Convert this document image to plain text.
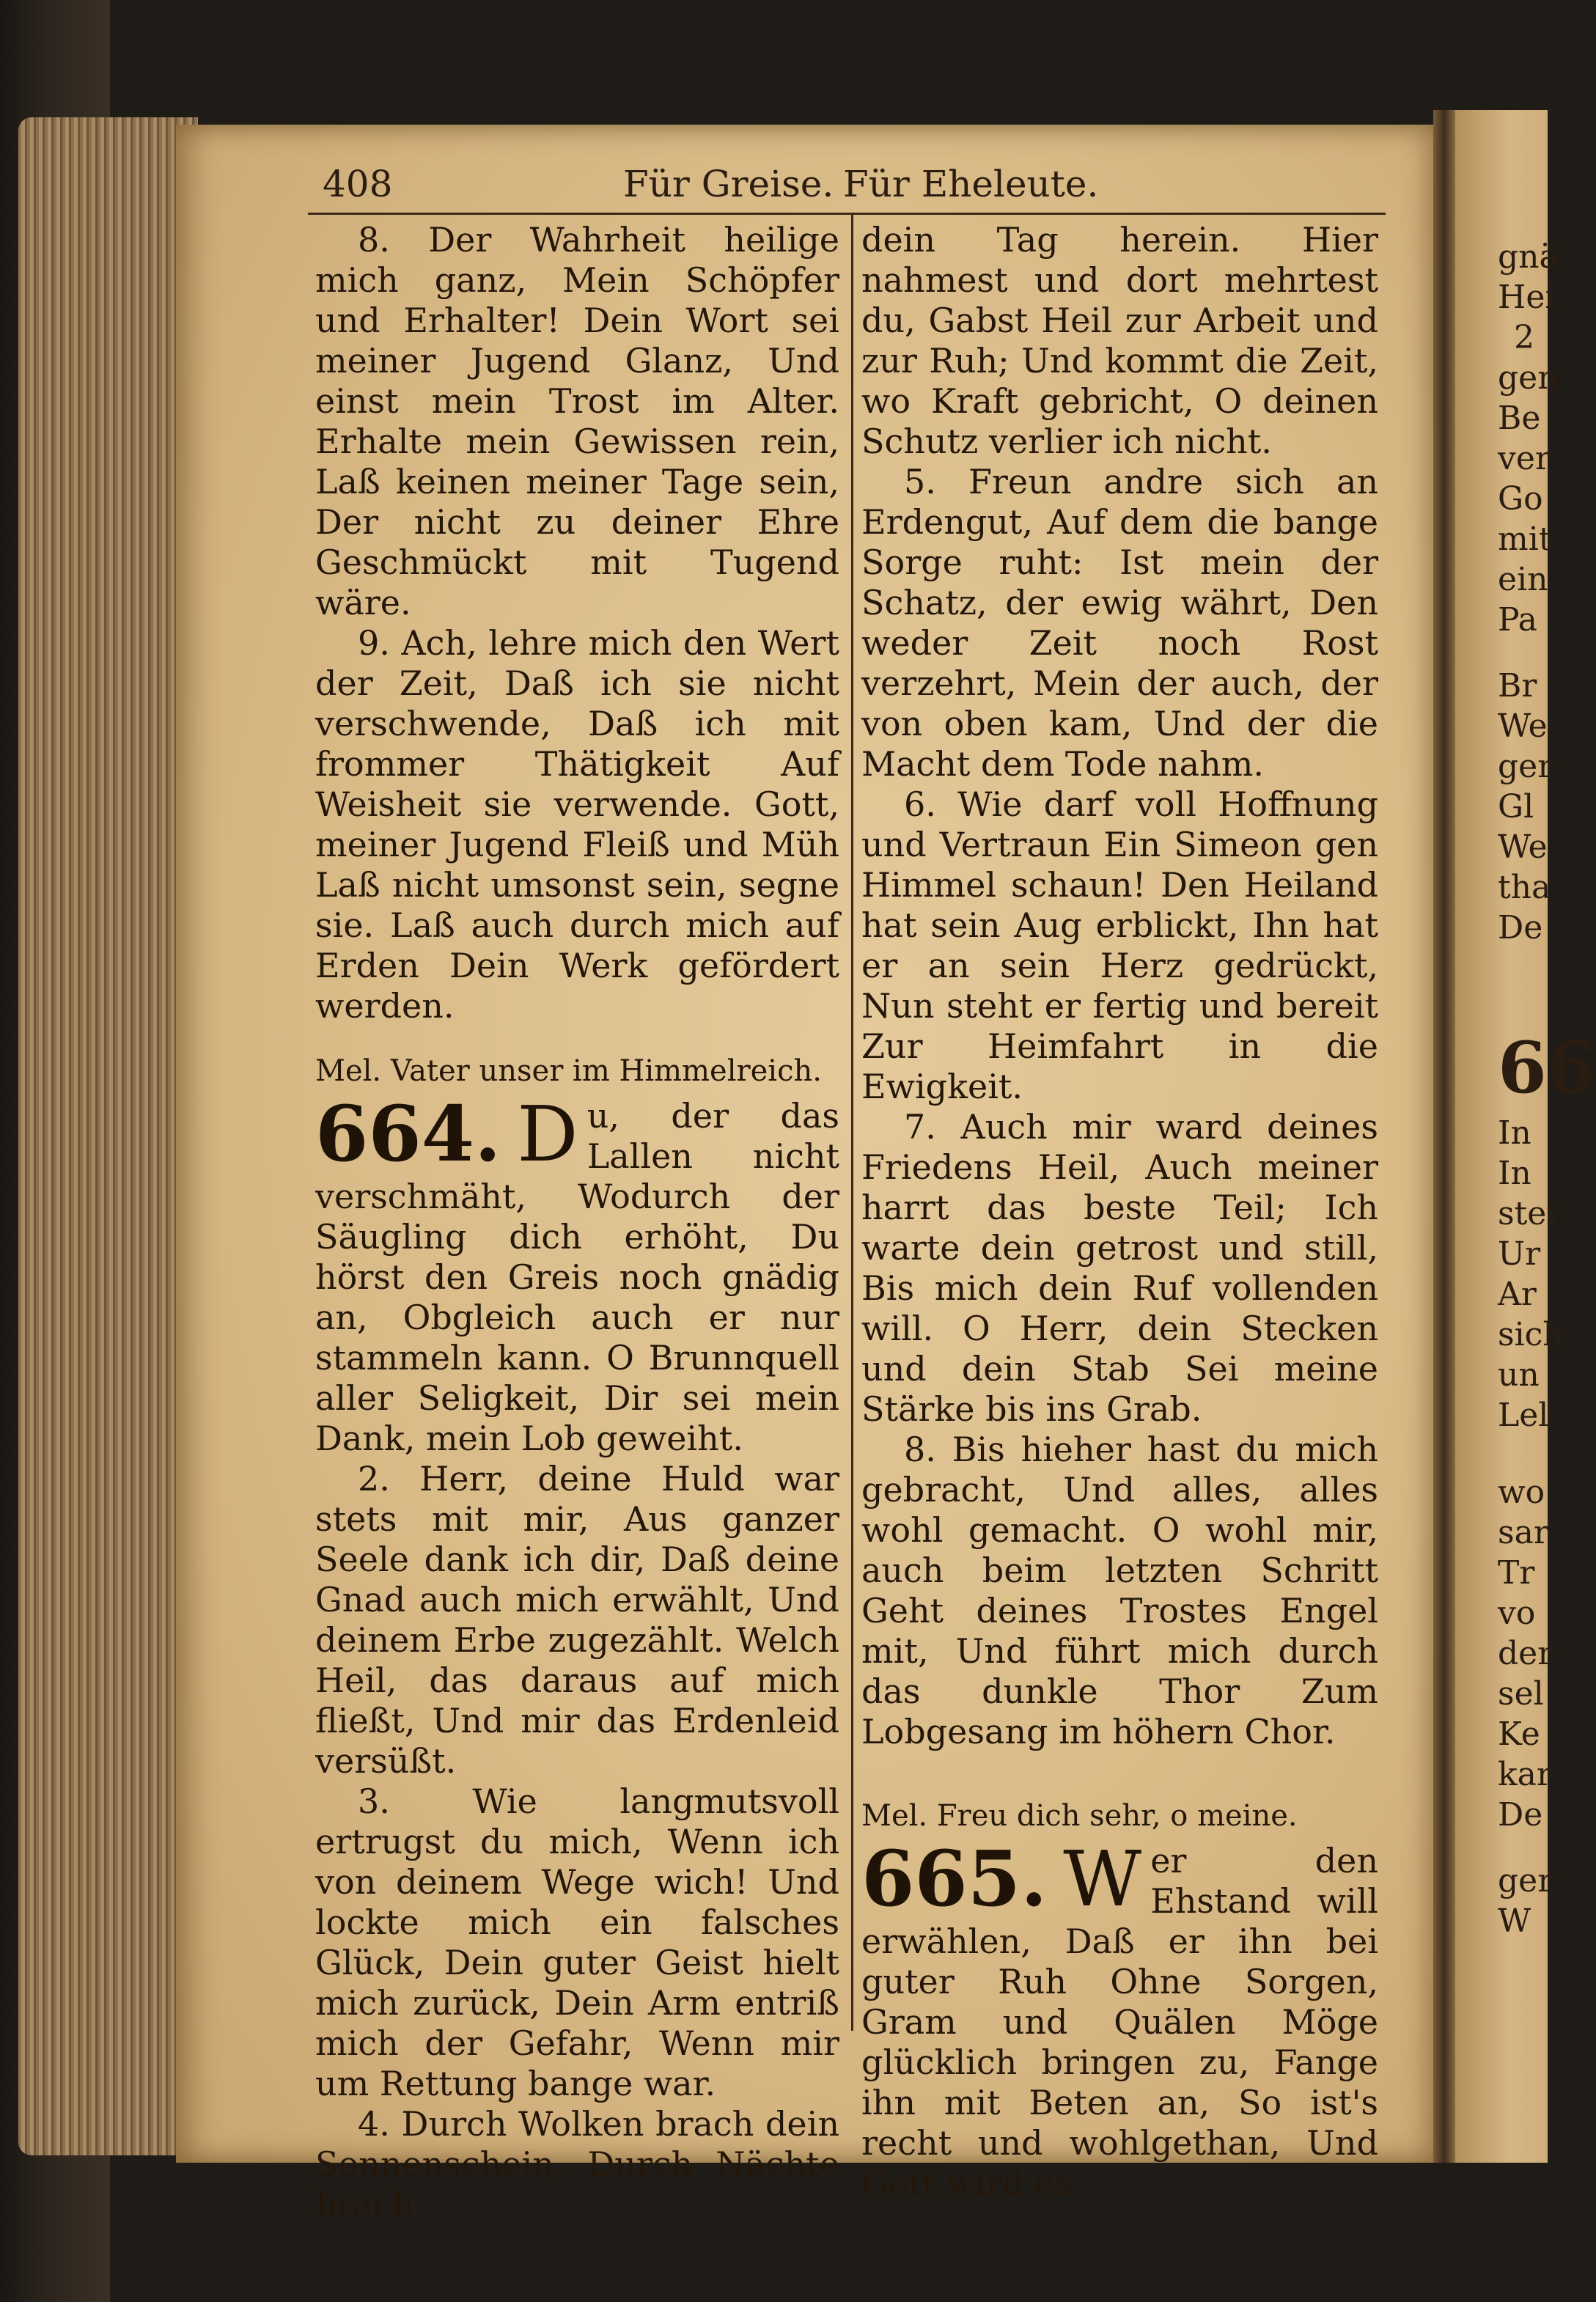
gnä
Hei
2
gen
Be
ver
Go
mit
ein
Pa
Br
We
ger
Gl
We
tha
De
66
In
In
stei
Ur
Ar
sich
un
Lel
wo
sar
Tr
vo
der
sel
Ke
kar
De
ger
W
408	Für Greise. Für Eheleute.

8. Der Wahrheit heilige mich ganz, Mein Schöpfer und Erhalter! Dein Wort sei meiner Jugend Glanz, Und einst mein Trost im Alter. Erhalte mein Gewissen rein, Laß keinen meiner Tage sein, Der nicht zu deiner Ehre Geschmückt mit Tugend wäre.

9. Ach, lehre mich den Wert der Zeit, Daß ich sie nicht verschwende, Daß ich mit frommer Thätigkeit Auf Weisheit sie verwende. Gott, meiner Jugend Fleiß und Müh Laß nicht umsonst sein, segne sie. Laß auch durch mich auf Erden Dein Werk gefördert werden.

Mel. Vater unser im Himmelreich.

664. D u, der das Lallen nicht verschmäht, Wodurch der Säugling dich erhöht, Du hörst den Greis noch gnädig an, Obgleich auch er nur stammeln kann. O Brunnquell aller Seligkeit, Dir sei mein Dank, mein Lob geweiht.

2. Herr, deine Huld war stets mit mir, Aus ganzer Seele dank ich dir, Daß deine Gnad auch mich erwählt, Und deinem Erbe zugezählt. Welch Heil, das daraus auf mich fließt, Und mir das Erdenleid versüßt.

3. Wie langmutsvoll ertrugst du mich, Wenn ich von deinem Wege wich! Und lockte mich ein falsches Glück, Dein guter Geist hielt mich zurück, Dein Arm entriß mich der Gefahr, Wenn mir um Rettung bange war.

4. Durch Wolken brach dein Sonnenschein, Durch Nächte brach

dein Tag herein. Hier nahmest und dort mehrtest du, Gabst Heil zur Arbeit und zur Ruh; Und kommt die Zeit, wo Kraft gebricht, O deinen Schutz verlier ich nicht.

5. Freun andre sich an Erdengut, Auf dem die bange Sorge ruht: Ist mein der Schatz, der ewig währt, Den weder Zeit noch Rost verzehrt, Mein der auch, der von oben kam, Und der die Macht dem Tode nahm.

6. Wie darf voll Hoffnung und Vertraun Ein Simeon gen Himmel schaun! Den Heiland hat sein Aug erblickt, Ihn hat er an sein Herz gedrückt, Nun steht er fertig und bereit Zur Heimfahrt in die Ewigkeit.

7. Auch mir ward deines Friedens Heil, Auch meiner harrt das beste Teil; Ich warte dein getrost und still, Bis mich dein Ruf vollenden will. O Herr, dein Stecken und dein Stab Sei meine Stärke bis ins Grab.

8. Bis hieher hast du mich gebracht, Und alles, alles wohl gemacht. O wohl mir, auch beim letzten Schritt Geht deines Trostes Engel mit, Und führt mich durch das dunkle Thor Zum Lobgesang im höhern Chor.

Mel. Freu dich sehr, o meine.

665. W er den Ehstand will erwählen, Daß er ihn bei guter Ruh Ohne Sorgen, Gram und Quälen Möge glücklich bringen zu, Fange ihn mit Beten an, So ist's recht und wohlgethan, Und Gott wird es
